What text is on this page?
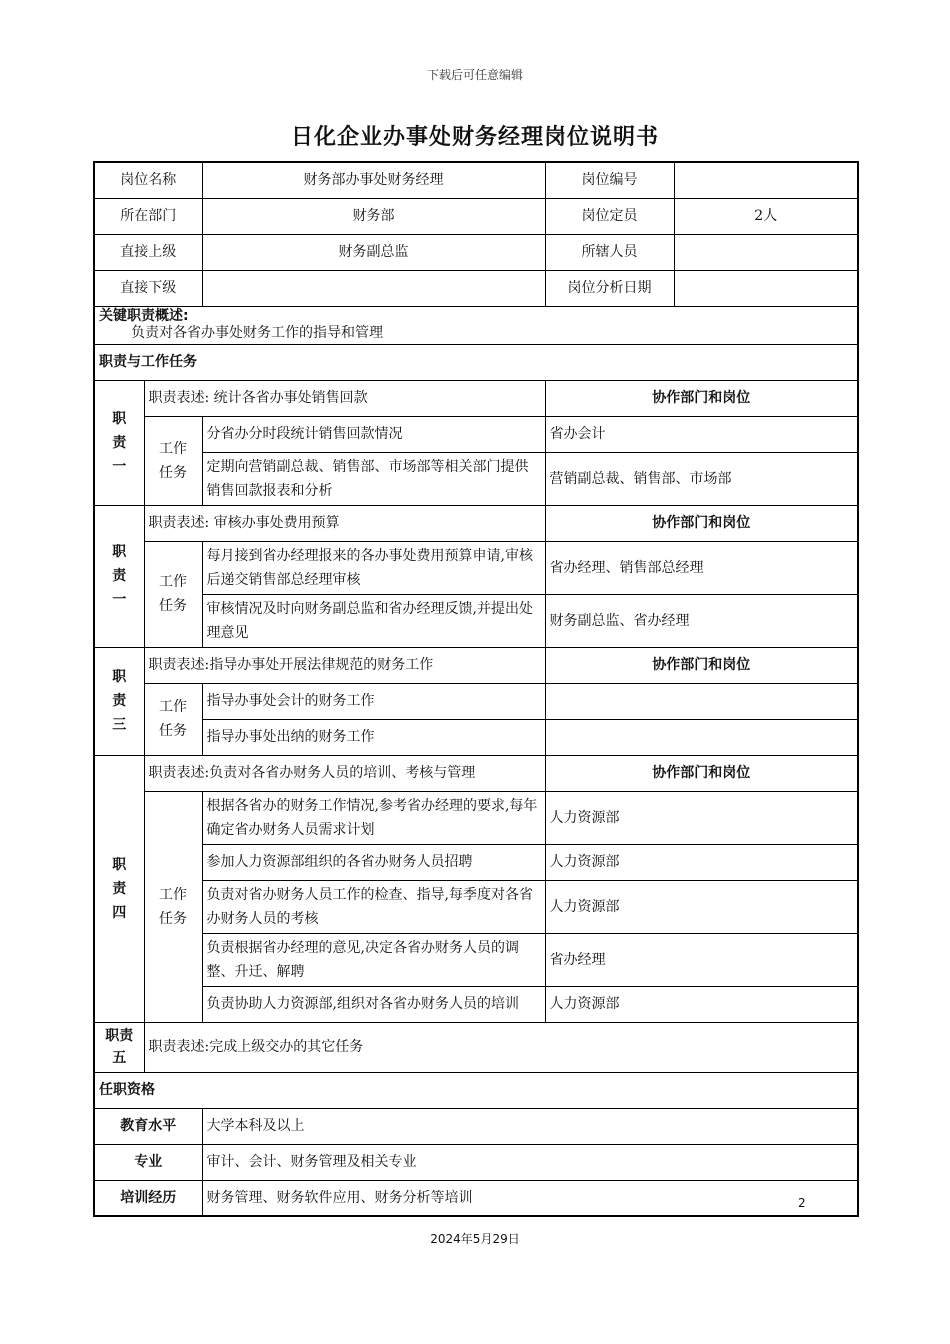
下载后可任意编辑
日化企业办事处财务经理岗位说明书
岗位名称		财务部办事处财务经理	岗位编号	
所在部门		财务部	岗位定员	2人
直接上级		财务副总监	所辖人员	
直接下级			岗位分析日期	

关键职责概述:
负责对各省办事处财务工作的指导和管理				

职责与工作任务				

职
责
一	职责表述: 统计各省办事处销售回款		协作部门和岗位	

	工作
任务	分省办分时段统计销售回款情况	省办会计	
		定期向营销副总裁、销售部、市场部等相关部门提供销售回款报表和分析	营销副总裁、销售部、市场部	

职
责
一	职责表述: 审核办事处费用预算		协作部门和岗位	

	工作
任务	每月接到省办经理报来的各办事处费用预算申请,审核后递交销售部总经理审核	省办经理、销售部总经理	
		审核情况及时向财务副总监和省办经理反馈,并提出处理意见	财务副总监、省办经理	

职
责
三	职责表述:指导办事处开展法律规范的财务工作		协作部门和岗位	

	工作
任务	指导办事处会计的财务工作		
		指导办事处出纳的财务工作		

职
责
四	职责表述:负责对各省办财务人员的培训、考核与管理		协作部门和岗位	

	工作
任务	根据各省办的财务工作情况,参考省办经理的要求,每年确定省办财务人员需求计划	人力资源部	
		参加人力资源部组织的各省办财务人员招聘	人力资源部	
		负责对省办财务人员工作的检查、指导,每季度对各省办财务人员的考核	人力资源部	
		负责根据省办经理的意见,决定各省办财务人员的调整、升迁、解聘	省办经理	
		负责协助人力资源部,组织对各省办财务人员的培训	人力资源部	

职责
五	职责表述:完成上级交办的其它任务			
任职资格				
教育水平		大学本科及以上		
专业		审计、会计、财务管理及相关专业		
培训经历		财务管理、财务软件应用、财务分析等培训			2
2024年5月29日
